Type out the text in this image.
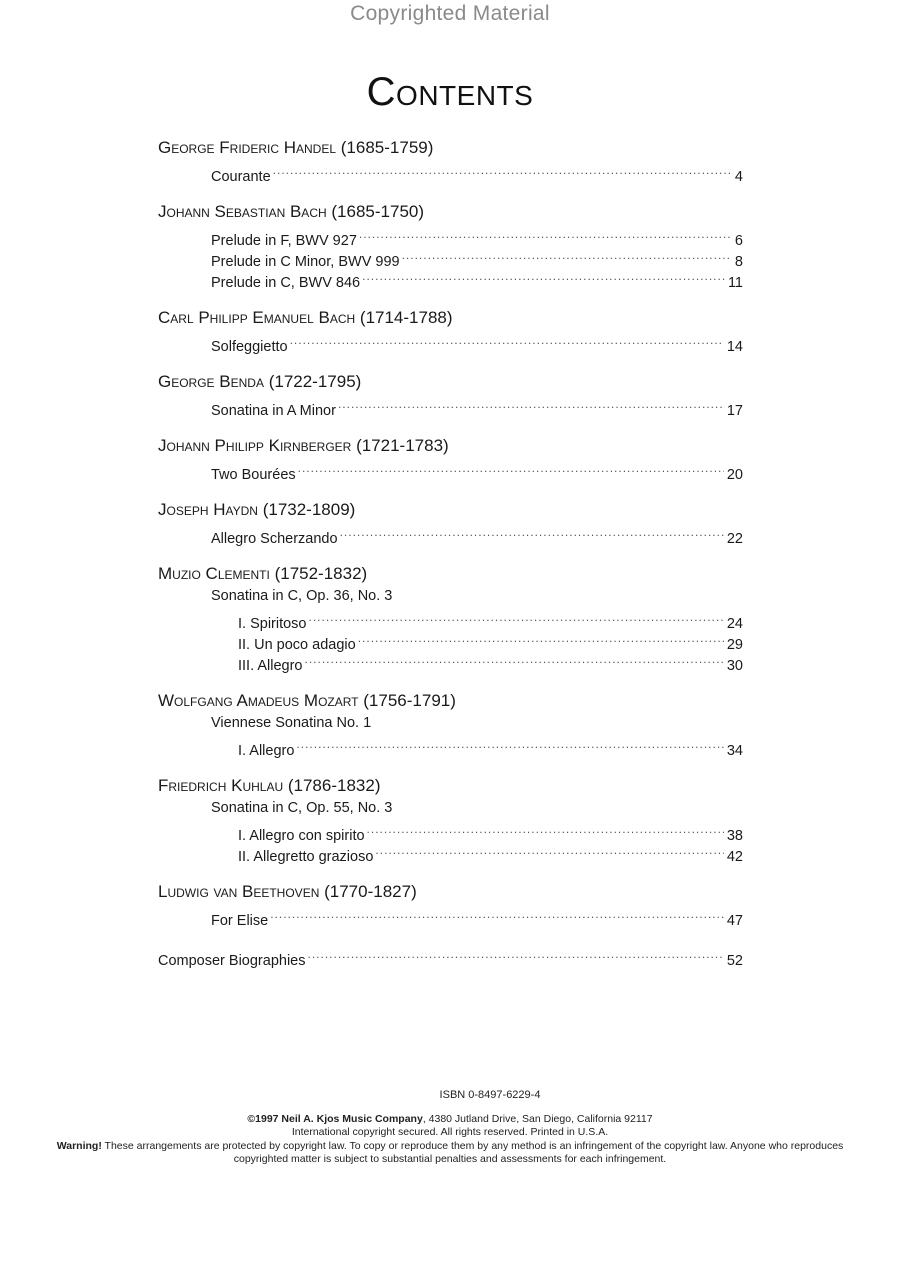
Copyrighted Material
Contents
George Frideric Handel (1685-1759)
Courante .....	4
Johann Sebastian Bach (1685-1750)
Prelude in F, BWV 927 .....	6
Prelude in C Minor, BWV 999 .....	8
Prelude in C, BWV 846 .....	11
Carl Philipp Emanuel Bach (1714-1788)
Solfeggietto .....	14
George Benda (1722-1795)
Sonatina in A Minor .....	17
Johann Philipp Kirnberger (1721-1783)
Two Bourées .....	20
Joseph Haydn (1732-1809)
Allegro Scherzando .....	22
Muzio Clementi (1752-1832)
Sonatina in C, Op. 36, No. 3
I. Spiritoso .....	24
II. Un poco adagio .....	29
III. Allegro .....	30
Wolfgang Amadeus Mozart (1756-1791)
Viennese Sonatina No. 1
I. Allegro .....	34
Friedrich Kuhlau (1786-1832)
Sonatina in C, Op. 55, No. 3
I. Allegro con spirito .....	38
II. Allegretto grazioso .....	42
Ludwig van Beethoven (1770-1827)
For Elise .....	47
Composer Biographies .....	52
ISBN 0-8497-6229-4
©1997 Neil A. Kjos Music Company, 4380 Jutland Drive, San Diego, California 92117
International copyright secured. All rights reserved. Printed in U.S.A.
Warning! These arrangements are protected by copyright law. To copy or reproduce them by any method is an infringement of the copyright law. Anyone who reproduces copyrighted matter is subject to substantial penalties and assessments for each infringement.
